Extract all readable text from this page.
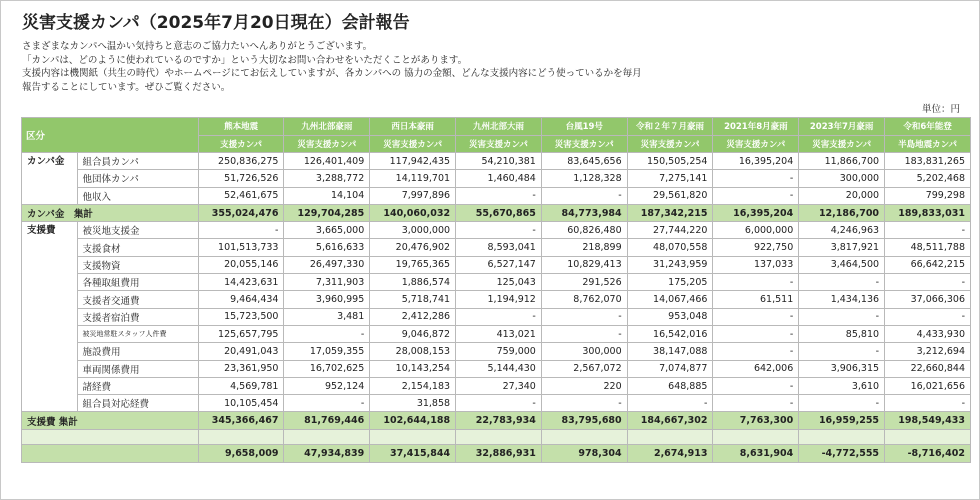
災害支援カンパ（2025年7月20日現在）会計報告
さまざまなカンパへ温かい気持ちと意志のご協力たいへんありがとうございます。
「カンパは、どのように使われているのですか」という大切なお問い合わせをいただくことがあります。
支援内容は機関紙（共生の時代）やホームページにてお伝えしていますが、各カンパへの 協力の金額、どんな支援内容にどう使っているかを毎月
報告することにしています。ぜひご覧ください。
単位：円
区分		熊本地震	九州北部豪雨	西日本豪雨	九州北部大雨	台風19号	令和２年７月豪雨	2021年8月豪雨	2023年7月豪雨	令和6年能登
		支援カンパ	災害支援カンパ	災害支援カンパ	災害支援カンパ	災害支援カンパ	災害支援カンパ	災害支援カンパ	災害支援カンパ	半島地震カンパ
カンパ金	組合員カンパ	250,836,275	126,401,409	117,942,435	54,210,381	83,645,656	150,505,254	16,395,204	11,866,700	183,831,265
	他団体カンパ	51,726,526	3,288,772	14,119,701	1,460,484	1,128,328	7,275,141	-	300,000	5,202,468
	他収入	52,461,675	14,104	7,997,896	-	-	29,561,820	-	20,000	799,298
カンパ金　集計		355,024,476	129,704,285	140,060,032	55,670,865	84,773,984	187,342,215	16,395,204	12,186,700	189,833,031
支援費	被災地支援金	-	3,665,000	3,000,000	-	60,826,480	27,744,220	6,000,000	4,246,963	-
	支援食材	101,513,733	5,616,633	20,476,902	8,593,041	218,899	48,070,558	922,750	3,817,921	48,511,788
	支援物資	20,055,146	26,497,330	19,765,365	6,527,147	10,829,413	31,243,959	137,033	3,464,500	66,642,215
	各種取組費用	14,423,631	7,311,903	1,886,574	125,043	291,526	175,205	-	-	-
	支援者交通費	9,464,434	3,960,995	5,718,741	1,194,912	8,762,070	14,067,466	61,511	1,434,136	37,066,306
	支援者宿泊費	15,723,500	3,481	2,412,286	-	-	953,048	-	-	-
	被災地常駐スタッフ人件費	125,657,795	-	9,046,872	413,021	-	16,542,016	-	85,810	4,433,930
	施設費用	20,491,043	17,059,355	28,008,153	759,000	300,000	38,147,088	-	-	3,212,694
	車両関係費用	23,361,950	16,702,625	10,143,254	5,144,430	2,567,072	7,074,877	642,006	3,906,315	22,660,844
	諸経費	4,569,781	952,124	2,154,183	27,340	220	648,885	-	3,610	16,021,656
	組合員対応経費	10,105,454	-	31,858	-	-	-	-	-	-
支援費 集計		345,366,467	81,769,446	102,644,188	22,783,934	83,795,680	184,667,302	7,763,300	16,959,255	198,549,433

		9,658,009	47,934,839	37,415,844	32,886,931	978,304	2,674,913	8,631,904	-4,772,555	-8,716,402
